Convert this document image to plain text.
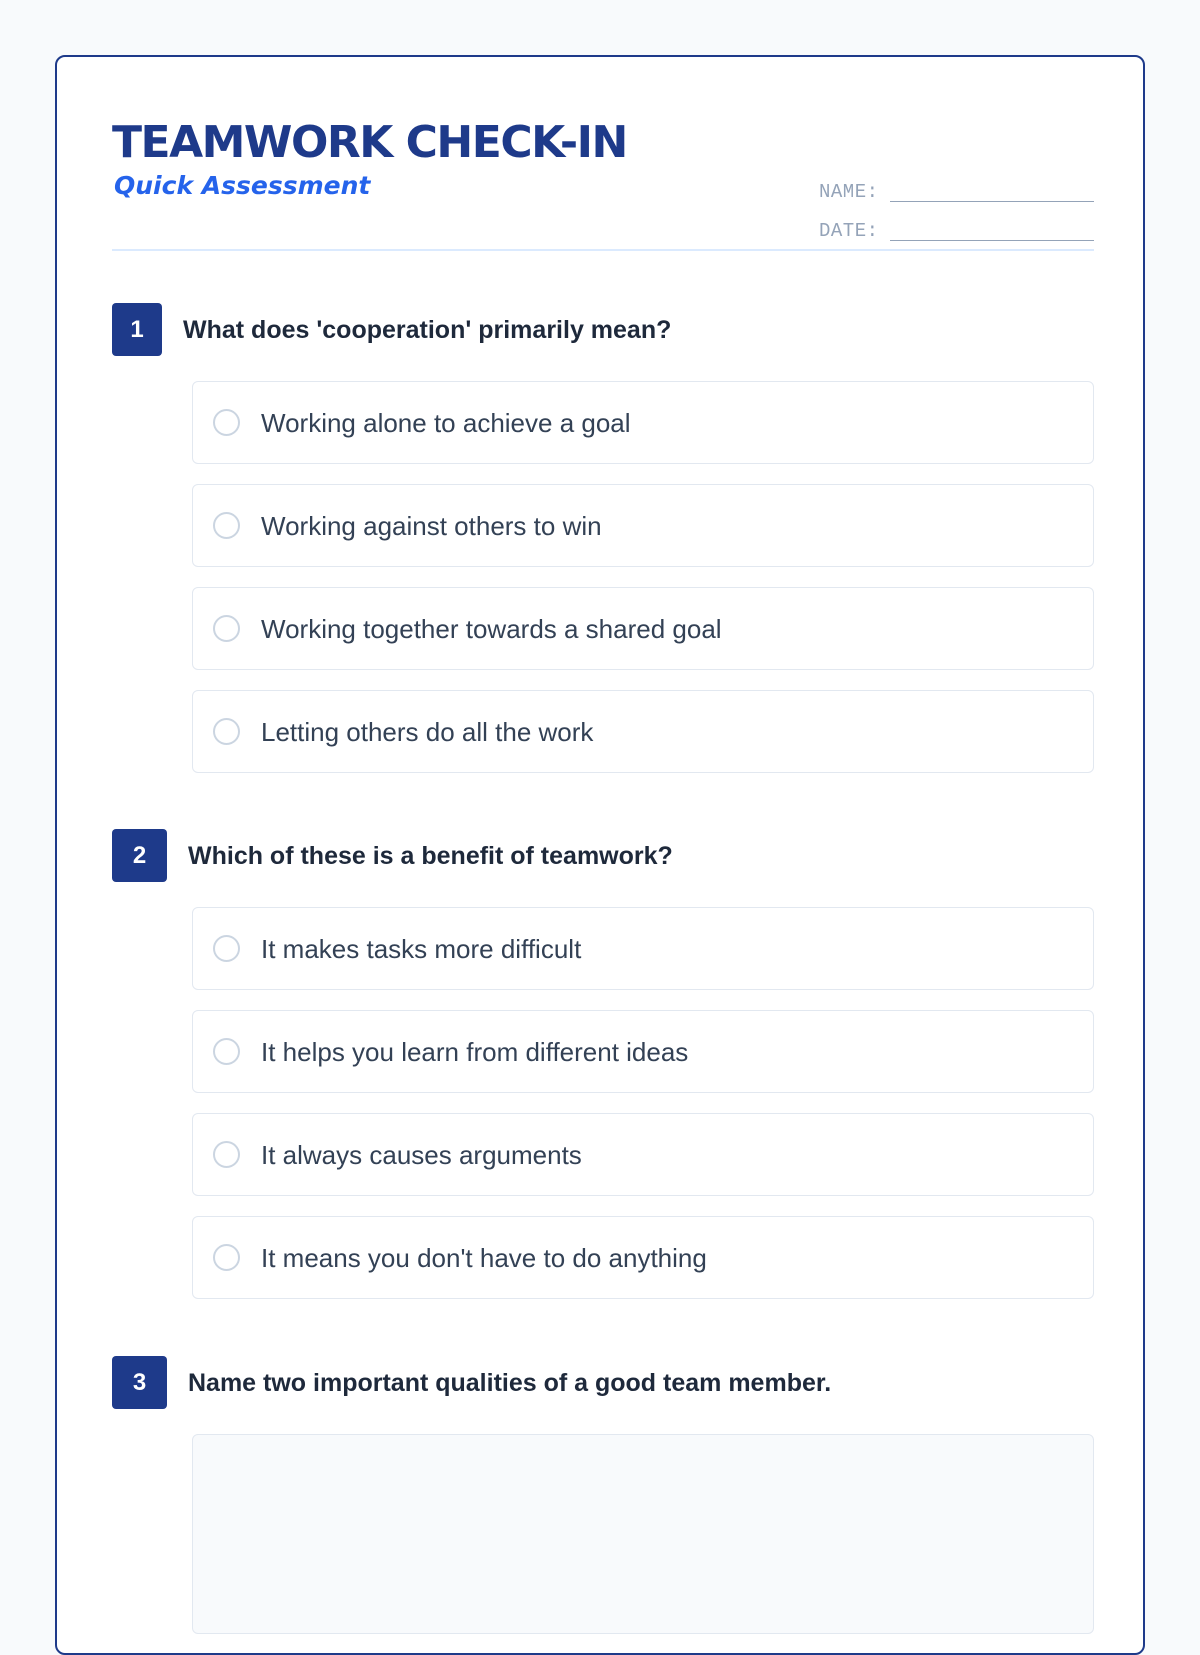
TEAMWORK CHECK-IN
Quick Assessment	NAME:
DATE:
1	What does 'cooperation' primarily mean?
Working alone to achieve a goal
Working against others to win
Working together towards a shared goal
Letting others do all the work
2	Which of these is a benefit of teamwork?
It makes tasks more difficult
It helps you learn from different ideas
It always causes arguments
It means you don't have to do anything
3	Name two important qualities of a good team member.
